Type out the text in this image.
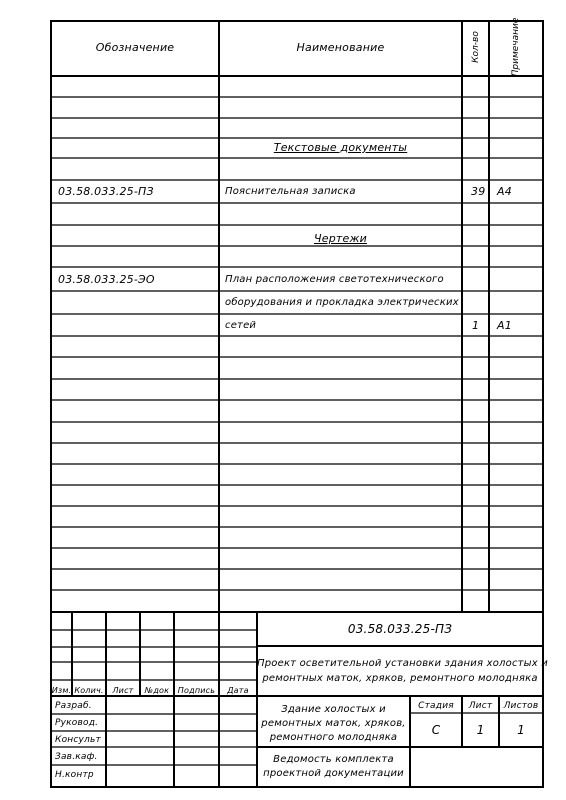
Обозначение	Наименование	Кол-во	Примечание
Текстовые документы
03.58.033.25-ПЗ	Пояснительная записка	39 А4
Чертежи
03.58.033.25-ЭО	План расположения светотехнического
оборудования и прокладка электрических
сетей	1 А1
03.58.033.25-ПЗ
Проект осветительной установки здания холостых и
ремонтных маток, хряков, ремонтного молодняка
Изм. Колич.	Лист	№док	Подпись	Дата
Разраб.
Руковод.
Консульт
Зав.каф.
Н.контр
Здание холостых и
ремонтных маток, хряков,
ремонтного молодняка
Стадия	Лист	Листов
С	1	1
Ведомость комплекта
проектной документации
